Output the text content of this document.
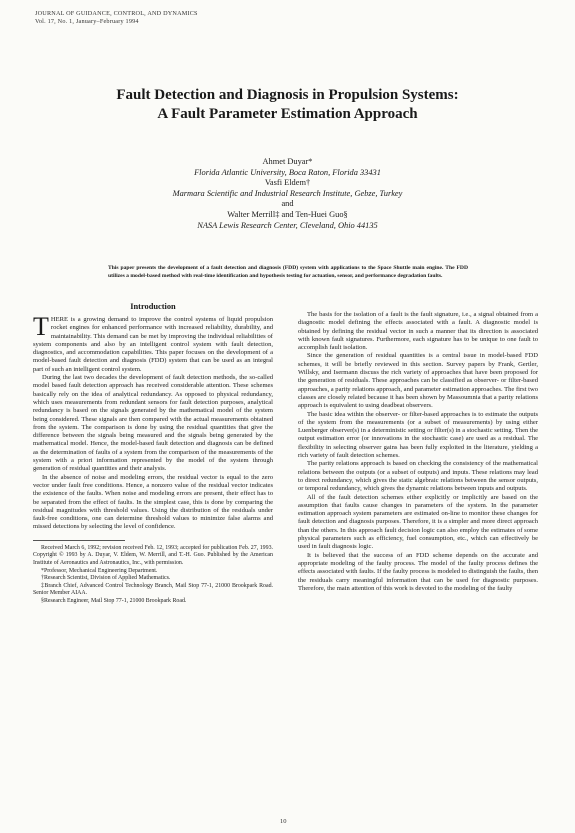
JOURNAL OF GUIDANCE, CONTROL, AND DYNAMICS
Vol. 17, No. 1, January–February 1994
Fault Detection and Diagnosis in Propulsion Systems:
A Fault Parameter Estimation Approach
Ahmet Duyar*
Florida Atlantic University, Boca Raton, Florida 33431
Vasfi Eldem†
Marmara Scientific and Industrial Research Institute, Gebze, Turkey
and
Walter Merrill‡ and Ten-Huei Guo§
NASA Lewis Research Center, Cleveland, Ohio 44135
This paper presents the development of a fault detection and diagnosis (FDD) system with applications to the Space Shuttle main engine. The FDD utilizes a model-based method with real-time identification and hypothesis testing for actuation, sensor, and performance degradation faults.
Introduction

THERE is a growing demand to improve the control systems of liquid propulsion rocket engines for enhanced performance with increased reliability, durability, and maintainability. This demand can be met by improving the individual reliabilities of system components and also by an intelligent control system with fault detection, diagnostics, and accommodation capabilities. This paper focuses on the development of a model-based fault detection and diagnosis (FDD) system that can be used as an integral part of such an intelligent control system.

During the last two decades the development of fault detection methods, the so-called model based fault detection approach has received considerable attention. These schemes basically rely on the idea of analytical redundancy. As opposed to physical redundancy, which uses measurements from redundant sensors for fault detection purposes, analytical redundancy is based on the signals generated by the mathematical model of the system being considered. These signals are then compared with the actual measurements obtained from the system. The comparison is done by using the residual quantities that give the difference between the signals being measured and the signals being generated by the mathematical model. Hence, the model-based fault detection and diagnosis can be defined as the determination of faults of a system from the comparison of the measurements of the system with a priori information represented by the model of the system through generation of residual quantities and their analysis.

In the absence of noise and modeling errors, the residual vector is equal to the zero vector under fault free conditions. Hence, a nonzero value of the residual vector indicates the existence of the faults. When noise and modeling errors are present, their effect has to be separated from the effect of faults. In the simplest case, this is done by comparing the residual magnitudes with threshold values. Using the distribution of the residuals under fault-free conditions, one can determine threshold values to minimize false alarms and missed detections by selecting the level of confidence.

Received March 6, 1992; revision received Feb. 12, 1993; accepted for publication Feb. 27, 1993. Copyright © 1993 by A. Duyar, V. Eldem, W. Merrill, and T.-H. Guo. Published by the American Institute of Aeronautics and Astronautics, Inc., with permission.
*Professor, Mechanical Engineering Department.
†Research Scientist, Division of Applied Mathematics.
‡Branch Chief, Advanced Control Technology Branch, Mail Stop 77-1, 21000 Brookpark Road. Senior Member AIAA.
§Research Engineer, Mail Stop 77-1, 21000 Brookpark Road.

The basis for the isolation of a fault is the fault signature, i.e., a signal obtained from a diagnostic model defining the effects associated with a fault. A diagnostic model is obtained by defining the residual vector in such a manner that its direction is associated with known fault signatures. Furthermore, each signature has to be unique to one fault to accomplish fault isolation.

Since the generation of residual quantities is a central issue in model-based FDD schemes, it will be briefly reviewed in this section. Survey papers by Frank, Gertler, Willsky, and Isermann discuss the rich variety of approaches that have been proposed for the generation of residuals. These approaches can be classified as observer- or filter-based approaches, a parity relations approach, and parameter estimation approaches. The first two classes are closely related because it has been shown by Massoumnia that a parity relations approach is equivalent to using deadbeat observers.

The basic idea within the observer- or filter-based approaches is to estimate the outputs of the system from the measurements (or a subset of measurements) by using either Luenberger observer(s) in a deterministic setting or filter(s) in a stochastic setting. Then the output estimation error (or innovations in the stochastic case) are used as a residual. The flexibility in selecting observer gains has been fully exploited in the literature, yielding a rich variety of fault detection schemes.

The parity relations approach is based on checking the consistency of the mathematical relations between the outputs (or a subset of outputs) and inputs. These relations may lead to direct redundancy, which gives the static algebraic relations between the sensor outputs, or temporal redundancy, which gives the dynamic relations between inputs and outputs.

All of the fault detection schemes either explicitly or implicitly are based on the assumption that faults cause changes in parameters of the system. In the parameter estimation approach system parameters are estimated on-line to monitor these changes for fault detection and diagnosis purposes. Therefore, it is a simpler and more direct approach than the others. In this approach fault decision logic can also employ the estimates of some physical parameters such as efficiency, fuel consumption, etc., which can effectively be used in fault diagnosis logic.

It is believed that the success of an FDD scheme depends on the accurate and appropriate modeling of the faulty process. The model of the faulty process defines the effects associated with faults. If the faulty process is modeled to distinguish the faults, then the residuals carry meaningful information that can be used for diagnostic purposes. Therefore, the main attention of this work is devoted to the modeling of the faulty

10
